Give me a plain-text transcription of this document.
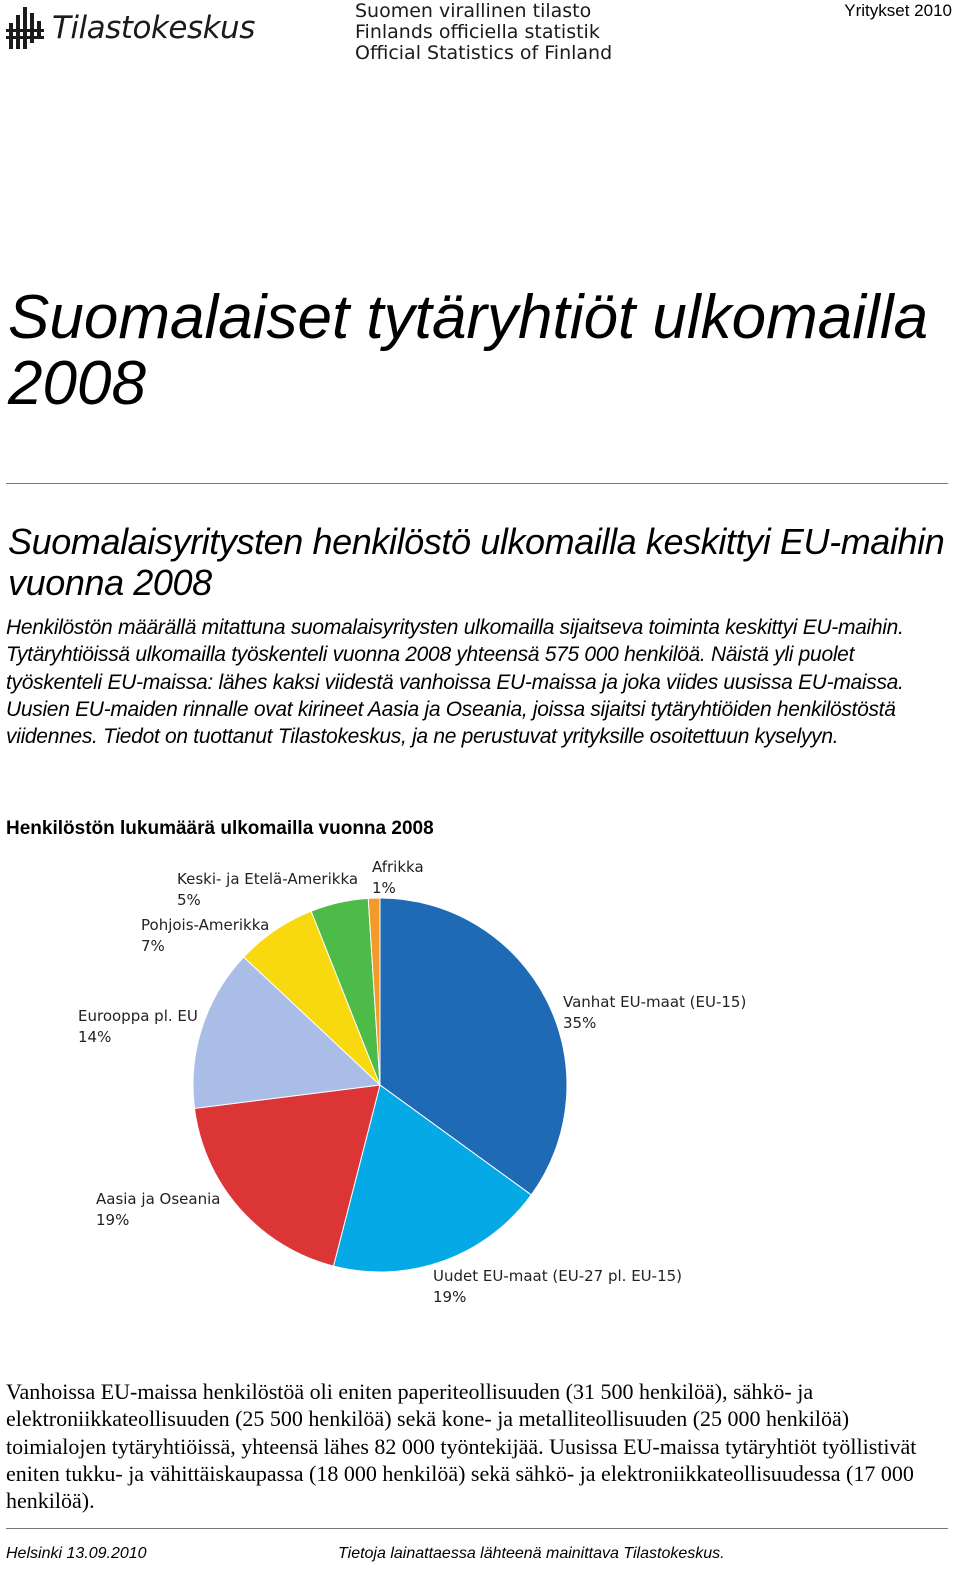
Tilastokeskus	Suomen virallinen tilasto
Finlands officiella statistik
Official Statistics of Finland
Yritykset 2010
Suomalaiset tytäryhtiöt ulkomailla 2008
Suomalaisyritysten henkilöstö ulkomailla keskittyi EU-maihin vuonna 2008

Henkilöstön määrällä mitattuna suomalaisyritysten ulkomailla sijaitseva toiminta keskittyi EU-maihin. Tytäryhtiöissä ulkomailla työskenteli vuonna 2008 yhteensä 575 000 henkilöä. Näistä yli puolet työskenteli EU-maissa: lähes kaksi viidestä vanhoissa EU-maissa ja joka viides uusissa EU-maissa. Uusien EU-maiden rinnalle ovat kirineet Aasia ja Oseania, joissa sijaitsi tytäryhtiöiden henkilöstöstä viidennes. Tiedot on tuottanut Tilastokeskus, ja ne perustuvat yrityksille osoitettuun kyselyyn.

Henkilöstön lukumäärä ulkomailla vuonna 2008
Vanhat EU-maat (EU-15)
35%
Uudet EU-maat (EU-27 pl. EU-15)
19%
Aasia ja Oseania
19%
Eurooppa pl. EU
14%
Pohjois-Amerikka
7%
Keski- ja Etelä-Amerikka
5%
Afrikka
1%

Vanhoissa EU-maissa henkilöstöä oli eniten paperiteollisuuden (31 500 henkilöä), sähkö- ja elektroniikkateollisuuden (25 500 henkilöä) sekä kone- ja metalliteollisuuden (25 000 henkilöä) toimialojen tytäryhtiöissä, yhteensä lähes 82 000 työntekijää. Uusissa EU-maissa tytäryhtiöt työllistivät eniten tukku- ja vähittäiskaupassa (18 000 henkilöä) sekä sähkö- ja elektroniikkateollisuudessa (17 000 henkilöä).

Helsinki 13.09.2010	Tietoja lainattaessa lähteenä mainittava Tilastokeskus.
